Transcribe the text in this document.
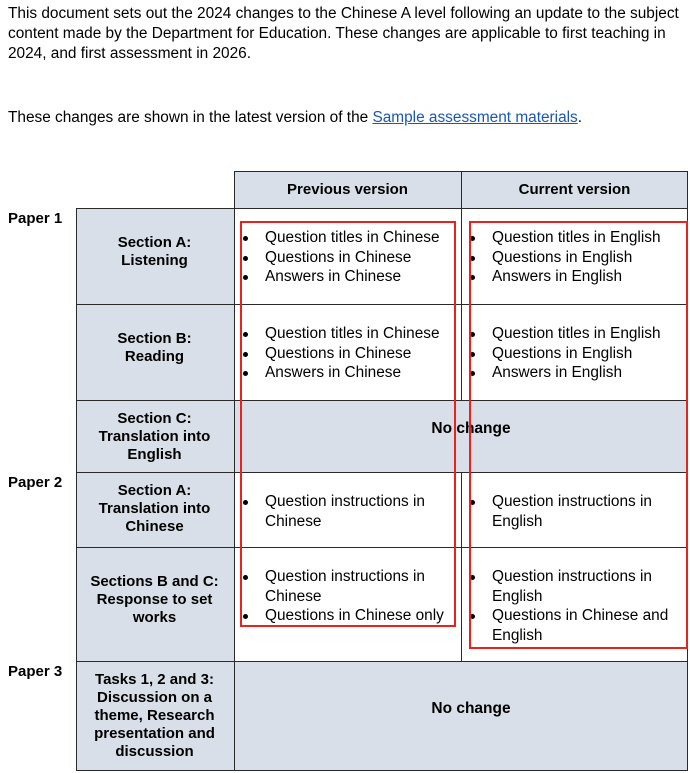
This document sets out the 2024 changes to the Chinese A level following an update to the subject content made by the Department for Education. These changes are applicable to first teaching in 2024, and first assessment in 2026.

These changes are shown in the latest version of the Sample assessment materials.

Previous version	Current version
Paper 1
Paper 2
Paper 3
Section A:
Listening
Section B:
Reading
Section C:
Translation into
English
Section A:
Translation into
Chinese
Sections B and C:
Response to set
works
Tasks 1, 2 and 3:
Discussion on a
theme, Research
presentation and
discussion
No change
No change
Question titles in Chinese
Questions in Chinese
Answers in Chinese
Question titles in Chinese
Questions in Chinese
Answers in Chinese
Question instructions in Chinese
Question instructions in Chinese
Questions in Chinese only
Question titles in English
Questions in English
Answers in English
Question titles in English
Questions in English
Answers in English
Question instructions in English
Question instructions in English
Questions in Chinese and English
